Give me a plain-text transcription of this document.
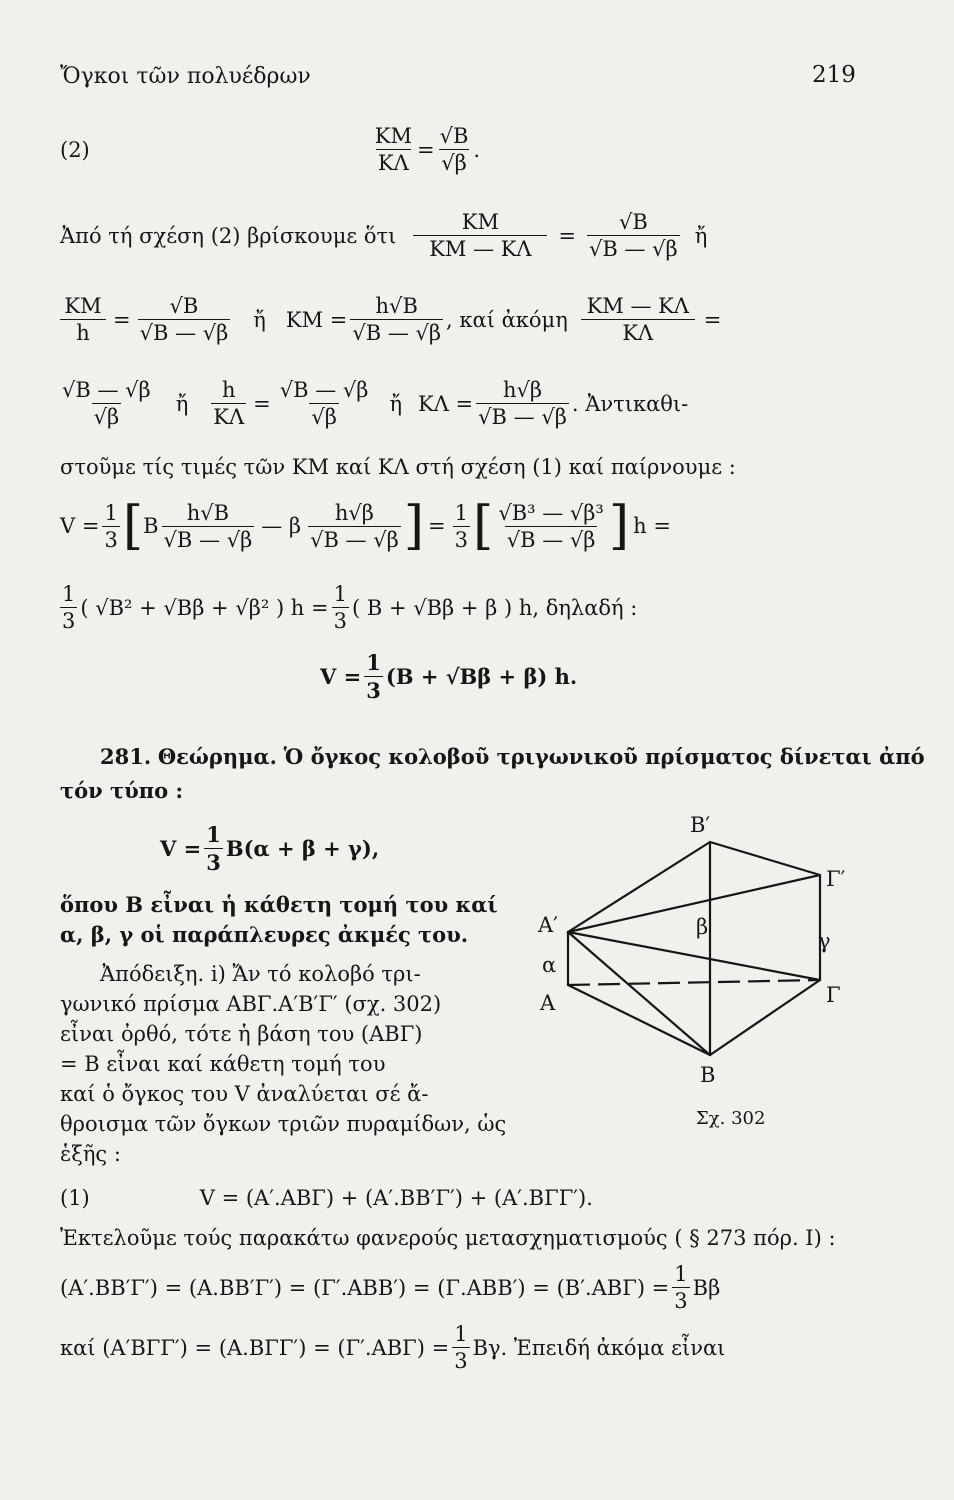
Ὄγκοι τῶν πολυέδρων	219
(2)	$\frac{KM}{K\Lambda} = \frac{√B}{√\beta}$ .
Ἀπό τή σχέση (2) βρίσκουμε ὅτι $\frac{KM}{KM — K\Lambda} = \frac{√B}{√B — √\beta}$ ἤ
$\frac{KM}{h} = \frac{√B}{√B — √\beta}$ ἤ $KM = \frac{h√B}{√B — √\beta}$ , καί ἀκόμη $\frac{KM — K\Lambda}{K\Lambda}$ =
$\frac{√B — √\beta}{√\beta}$ ἤ $\frac{h}{K\Lambda} = \frac{√B — √\beta}{√\beta}$ ἤ $K\Lambda = \frac{h√\beta}{√B — √\beta}$ . Ἀντικαθι-
στοῦμε τίς τιμές τῶν ΚΜ καί ΚΛ στή σχέση (1) καί παίρνουμε :
$V = \frac{1}{3}$ [ B $\frac{h√B}{√B — √\beta}$ — β $\frac{h√\beta}{√B — √\beta}$ ] = $\frac{1}{3}$ [ $\frac{\text{√B³ — √β³}}{√B — √\beta}$ ] h =
$\frac{1}{3}$ ( √B² + √Bβ + √β² ) $h = \frac{1}{3}$ ( B + √Bβ + β ) h, δηλαδή :
$V = \frac{1}{3} (B + √B\beta + \beta)$ h.
281. Θεώρημα. Ὁ ὄγκος κολοβοῦ τριγωνικοῦ πρίσματος δίνεται ἀπό
τόν τύπο :
$V = \frac{1}{3} B(\alpha + \beta + \gamma)$,
ὅπου B εἶναι ἡ κάθετη τομή του καί
α, β, γ οἱ παράπλευρες ἀκμές του.
Ἀπόδειξη. i) Ἄν τό κολοβό τρι-
γωνικό πρίσμα ΑΒΓ.Α′Β′Γ′ (σχ. 302)
εἶναι ὀρθό, τότε ἡ βάση του (ΑΒΓ)
= B εἶναι καί κάθετη τομή του
καί ὁ ὄγκος του V ἀναλύεται σέ ἄ-
θροισμα τῶν ὄγκων τριῶν πυραμίδων, ὡς
ἑξῆς :
B′
Γ′
A′
A	Γ
B
α
β
γ
Σχ. 302
(1)	V = (A′.ABΓ) + (A′.BB′Γ′) + (A′.BΓΓ′).
Ἐκτελοῦμε τούς παρακάτω φανερούς μετασχηματισμούς ( § 273 πόρ. I) :
$(A'.BB'\Gamma') = (A.BB'\Gamma') = (\Gamma'.ABB') = (\Gamma.ABB') = (B'.AB\Gamma) = \frac{1}{3}$ Bβ
καί $(A'B\Gamma\Gamma') = (A.B\Gamma\Gamma') = (\Gamma'.AB\Gamma) = \frac{1}{3} B\gamma$. Ἐπειδή ἀκόμα εἶναι
